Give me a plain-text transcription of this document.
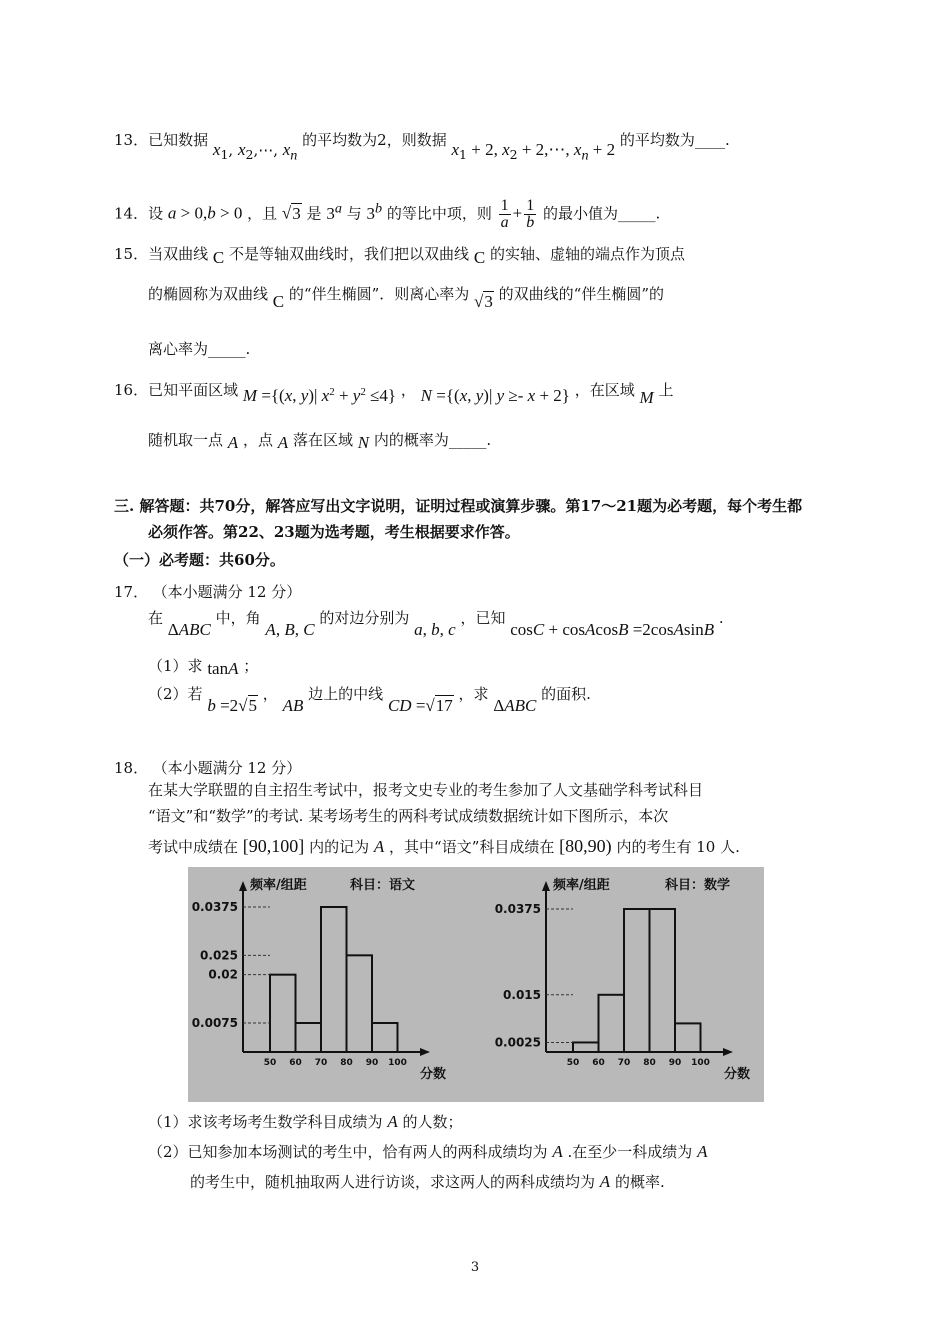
13．已知数据 $x_1$, $x_2,\cdots$, $x_n$ 的平均数为2，则数据 $x_1 + 2$, $x_2$ + 2,⋯, $x_n + 2$ 的平均数为____.
14．设 a > 0,b > 0 ，且 √3 是 3$^a$ 与 3$^b$ 的等比中项，则 $\frac{1}{a} + \frac{1}{b}$ 的最小值为_____.
15．当双曲线 C 不是等轴双曲线时，我们把以双曲线 C 的实轴、虚轴的端点作为顶点
的椭圆称为双曲线 C 的“伴生椭圆”．则离心率为 √3 的双曲线的“伴生椭圆”的
离心率为_____.
16．已知平面区域 M ={(x, y)| $x^2 + y^2 \le 4$} ， N ={(x, y)| y ≥- x + 2} ，在区域 M 上
随机取一点 A ，点 A 落在区域 N 内的概率为_____.
三. 解答题：共70分，解答应写出文字说明，证明过程或演算步骤。第17～21题为必考题，每个考生都
必须作答。第22、23题为选考题，考生根据要求作答。
（一）必考题：共60分。
17． （本小题满分 12 分）
在 ΔABC 中，角 A, B, C 的对边分别为 a, b, c ，已知 cosC + cosAcosB =2cosAsinB .
（1）求 tanA ；
（2）若 b =2√5 ， AB 边上的中线 CD =√17 ，求 ΔABC 的面积.
18． （本小题满分 12 分）
在某大学联盟的自主招生考试中，报考文史专业的考生参加了人文基础学科考试科目
“语文”和“数学”的考试. 某考场考生的两科考试成绩数据统计如下图所示，本次
考试中成绩在 [90,100] 内的记为 A ，其中“语文”科目成绩在 [80,90) 内的考生有 10 人.
频率/组距	科目：语文
分数
0.0375
0.025
0.02
0.0075
50 60 70 80 90 100
频率/组距	科目：数学
分数
0.0375
0.015
0.0025
50 60 70 80 90 100
（1）求该考场考生数学科目成绩为 A 的人数；
（2）已知参加本场测试的考生中，恰有两人的两科成绩均为 A .在至少一科成绩为 A
的考生中，随机抽取两人进行访谈，求这两人的两科成绩均为 A 的概率.
3
